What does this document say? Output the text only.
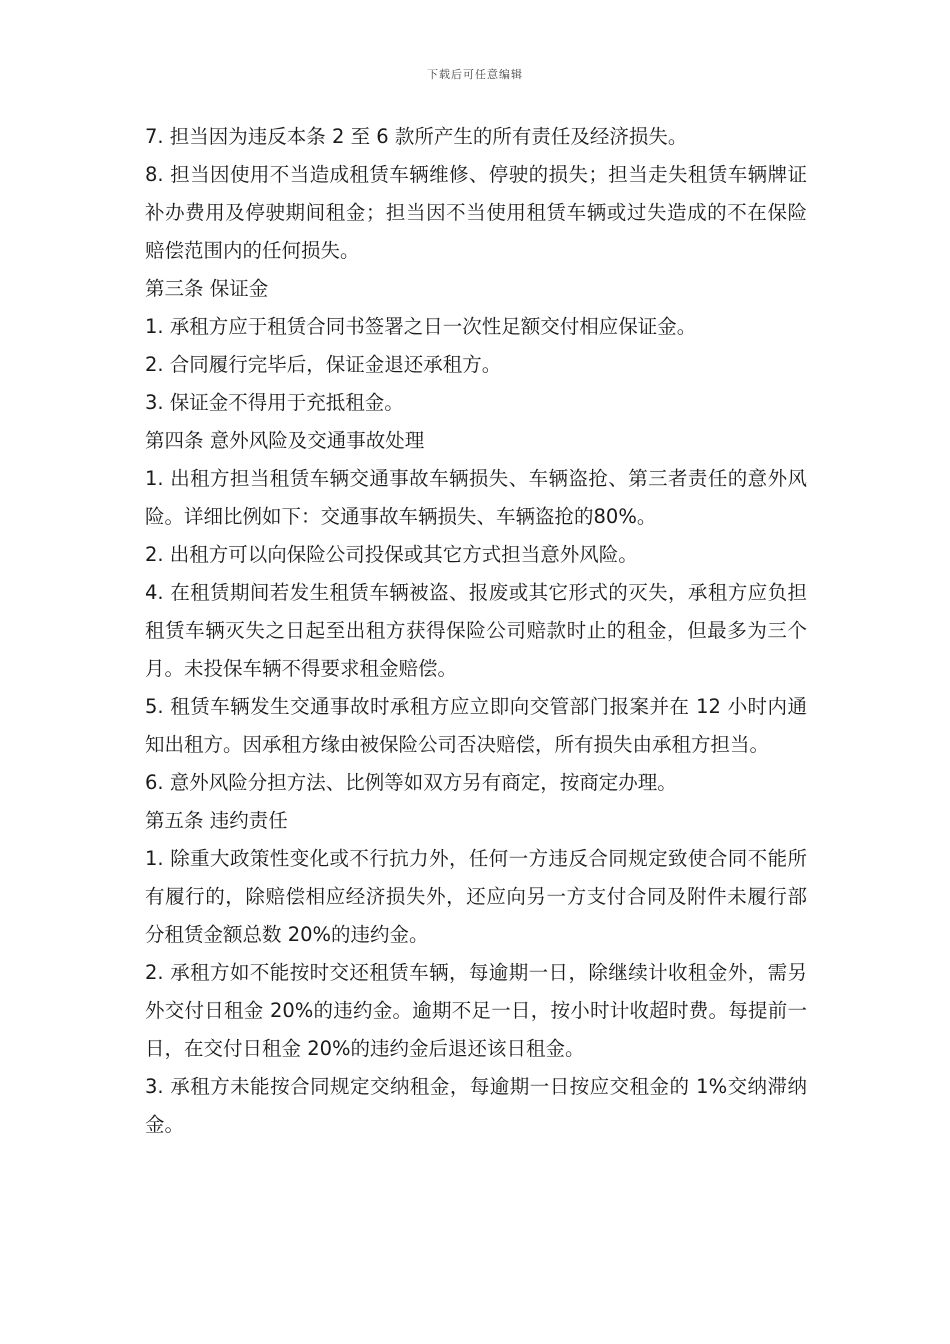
下载后可任意编辑

7. 担当因为违反本条 2 至 6 款所产生的所有责任及经济损失。

8. 担当因使用不当造成租赁车辆维修、停驶的损失；担当走失租赁车辆牌证补办费用及停驶期间租金；担当因不当使用租赁车辆或过失造成的不在保险赔偿范围内的任何损失。

第三条 保证金

1. 承租方应于租赁合同书签署之日一次性足额交付相应保证金。

2. 合同履行完毕后，保证金退还承租方。

3. 保证金不得用于充抵租金。

第四条 意外风险及交通事故处理

1. 出租方担当租赁车辆交通事故车辆损失、车辆盗抢、第三者责任的意外风险。详细比例如下：交通事故车辆损失、车辆盗抢的80%。

2. 出租方可以向保险公司投保或其它方式担当意外风险。

4. 在租赁期间若发生租赁车辆被盗、报废或其它形式的灭失，承租方应负担租赁车辆灭失之日起至出租方获得保险公司赔款时止的租金，但最多为三个月。未投保车辆不得要求租金赔偿。

5. 租赁车辆发生交通事故时承租方应立即向交管部门报案并在 12 小时内通知出租方。因承租方缘由被保险公司否决赔偿，所有损失由承租方担当。

6. 意外风险分担方法、比例等如双方另有商定，按商定办理。

第五条 违约责任

1. 除重大政策性变化或不行抗力外，任何一方违反合同规定致使合同不能所有履行的，除赔偿相应经济损失外，还应向另一方支付合同及附件未履行部分租赁金额总数 20%的违约金。

2. 承租方如不能按时交还租赁车辆，每逾期一日，除继续计收租金外，需另外交付日租金 20%的违约金。逾期不足一日，按小时计收超时费。每提前一日，在交付日租金 20%的违约金后退还该日租金。

3. 承租方未能按合同规定交纳租金，每逾期一日按应交租金的 1%交纳滞纳金。
